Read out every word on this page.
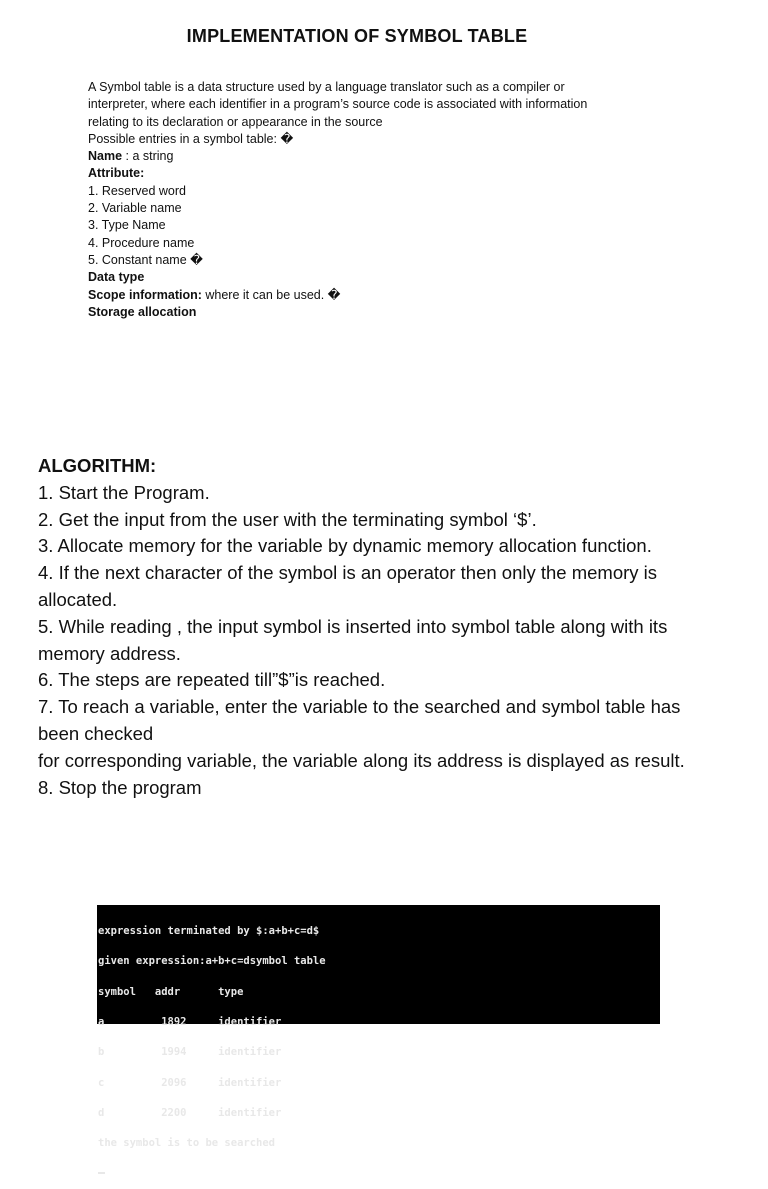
IMPLEMENTATION OF SYMBOL TABLE
A Symbol table is a data structure used by a language translator such as a compiler or
interpreter, where each identifier in a program’s source code is associated with information
relating to its declaration or appearance in the source
Possible entries in a symbol table: �
Name : a string
Attribute:
1. Reserved word
2. Variable name
3. Type Name
4. Procedure name
5. Constant name �
Data type
Scope information: where it can be used. �
Storage allocation
ALGORITHM:
1. Start the Program.
2. Get the input from the user with the terminating symbol ‘$’.
3. Allocate memory for the variable by dynamic memory allocation function.
4. If the next character of the symbol is an operator then only the memory is
allocated.
5. While reading , the input symbol is inserted into symbol table along with its
memory address.
6. The steps are repeated till”$”is reached.
7. To reach a variable, enter the variable to the searched and symbol table has
been checked
for corresponding variable, the variable along its address is displayed as result.
8. Stop the program

expression terminated by $:a+b+c=d$

given expression:a+b+c=dsymbol table

symbol   addr      type

a         1892     identifier

b         1994     identifier

c         2096     identifier

d         2200     identifier

the symbol is to be searched
